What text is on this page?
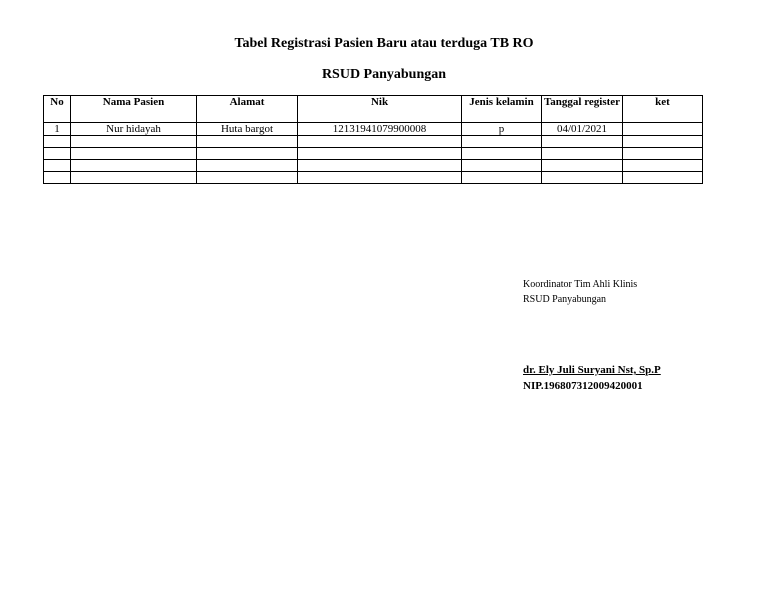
Tabel Registrasi Pasien Baru atau terduga TB RO
RSUD Panyabungan
No	Nama Pasien	Alamat	Nik	Jenis kelamin	Tanggal register	ket
1	Nur hidayah	Huta bargot	12131941079900008	p	04/01/2021	

Koordinator Tim Ahli Klinis
RSUD Panyabungan
dr. Ely Juli Suryani Nst, Sp.P
NIP.196807312009420001
